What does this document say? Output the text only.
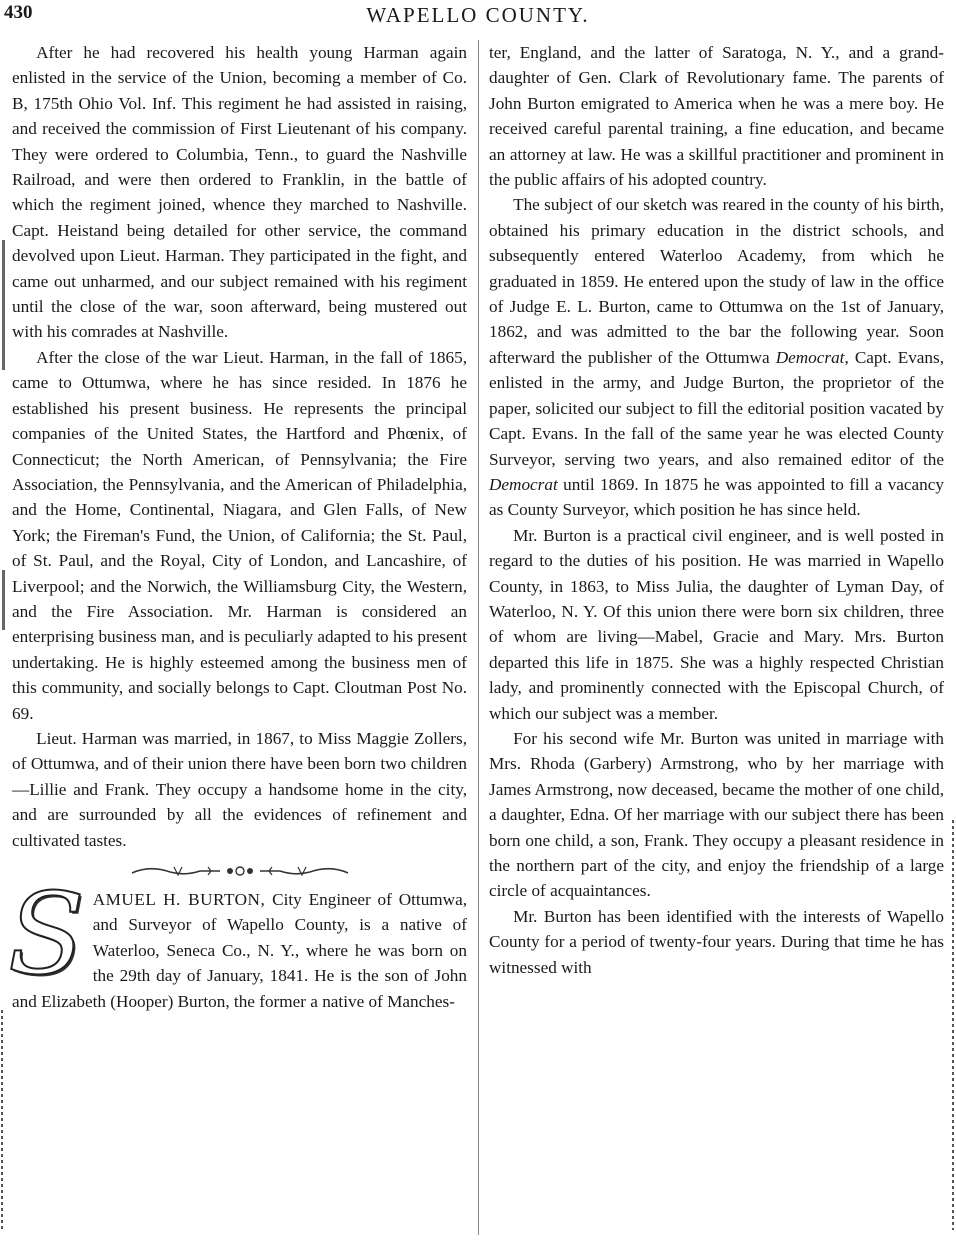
430	WAPELLO COUNTY.

After he had recovered his health young Harman again enlisted in the service of the Union, becoming a member of Co. B, 175th Ohio Vol. Inf. This regiment he had assisted in raising, and received the commission of First Lieutenant of his company. They were ordered to Columbia, Tenn., to guard the Nashville Railroad, and were then ordered to Franklin, in the battle of which the regiment joined, whence they marched to Nashville. Capt. Heistand being detailed for other service, the command devolved upon Lieut. Harman. They participated in the fight, and came out unharmed, and our subject remained with his regiment until the close of the war, soon afterward, being mustered out with his comrades at Nashville.

After the close of the war Lieut. Harman, in the fall of 1865, came to Ottumwa, where he has since resided. In 1876 he established his present business. He represents the principal companies of the United States, the Hartford and Phœnix, of Connecticut; the North American, of Pennsylvania; the Fire Association, the Pennsylvania, and the American of Philadelphia, and the Home, Continental, Niagara, and Glen Falls, of New York; the Fireman's Fund, the Union, of California; the St. Paul, of St. Paul, and the Royal, City of London, and Lancashire, of Liverpool; and the Norwich, the Williamsburg City, the Western, and the Fire Association. Mr. Harman is considered an enterprising business man, and is peculiarly adapted to his present undertaking. He is highly esteemed among the business men of this community, and socially belongs to Capt. Cloutman Post No. 69.

Lieut. Harman was married, in 1867, to Miss Maggie Zollers, of Ottumwa, and of their union there have been born two children—Lillie and Frank. They occupy a handsome home in the city, and are surrounded by all the evidences of refinement and cultivated tastes.

SAMUEL H. BURTON, City Engineer of Ottumwa, and Surveyor of Wapello County, is a native of Waterloo, Seneca Co., N. Y., where he was born on the 29th day of January, 1841. He is the son of John and Elizabeth (Hooper) Burton, the former a native of Manches-

ter, England, and the latter of Saratoga, N. Y., and a grand-daughter of Gen. Clark of Revolutionary fame. The parents of John Burton emigrated to America when he was a mere boy. He received careful parental training, a fine education, and became an attorney at law. He was a skillful practitioner and prominent in the public affairs of his adopted country.

The subject of our sketch was reared in the county of his birth, obtained his primary education in the district schools, and subsequently entered Waterloo Academy, from which he graduated in 1859. He entered upon the study of law in the office of Judge E. L. Burton, came to Ottumwa on the 1st of January, 1862, and was admitted to the bar the following year. Soon afterward the publisher of the Ottumwa Democrat, Capt. Evans, enlisted in the army, and Judge Burton, the proprietor of the paper, solicited our subject to fill the editorial position vacated by Capt. Evans. In the fall of the same year he was elected County Surveyor, serving two years, and also remained editor of the Democrat until 1869. In 1875 he was appointed to fill a vacancy as County Surveyor, which position he has since held.

Mr. Burton is a practical civil engineer, and is well posted in regard to the duties of his position. He was married in Wapello County, in 1863, to Miss Julia, the daughter of Lyman Day, of Waterloo, N. Y. Of this union there were born six children, three of whom are living—Mabel, Gracie and Mary. Mrs. Burton departed this life in 1875. She was a highly respected Christian lady, and prominently connected with the Episcopal Church, of which our subject was a member.

For his second wife Mr. Burton was united in marriage with Mrs. Rhoda (Garbery) Armstrong, who by her marriage with James Armstrong, now deceased, became the mother of one child, a daughter, Edna. Of her marriage with our subject there has been born one child, a son, Frank. They occupy a pleasant residence in the northern part of the city, and enjoy the friendship of a large circle of acquaintances.

Mr. Burton has been identified with the interests of Wapello County for a period of twenty-four years. During that time he has witnessed with
